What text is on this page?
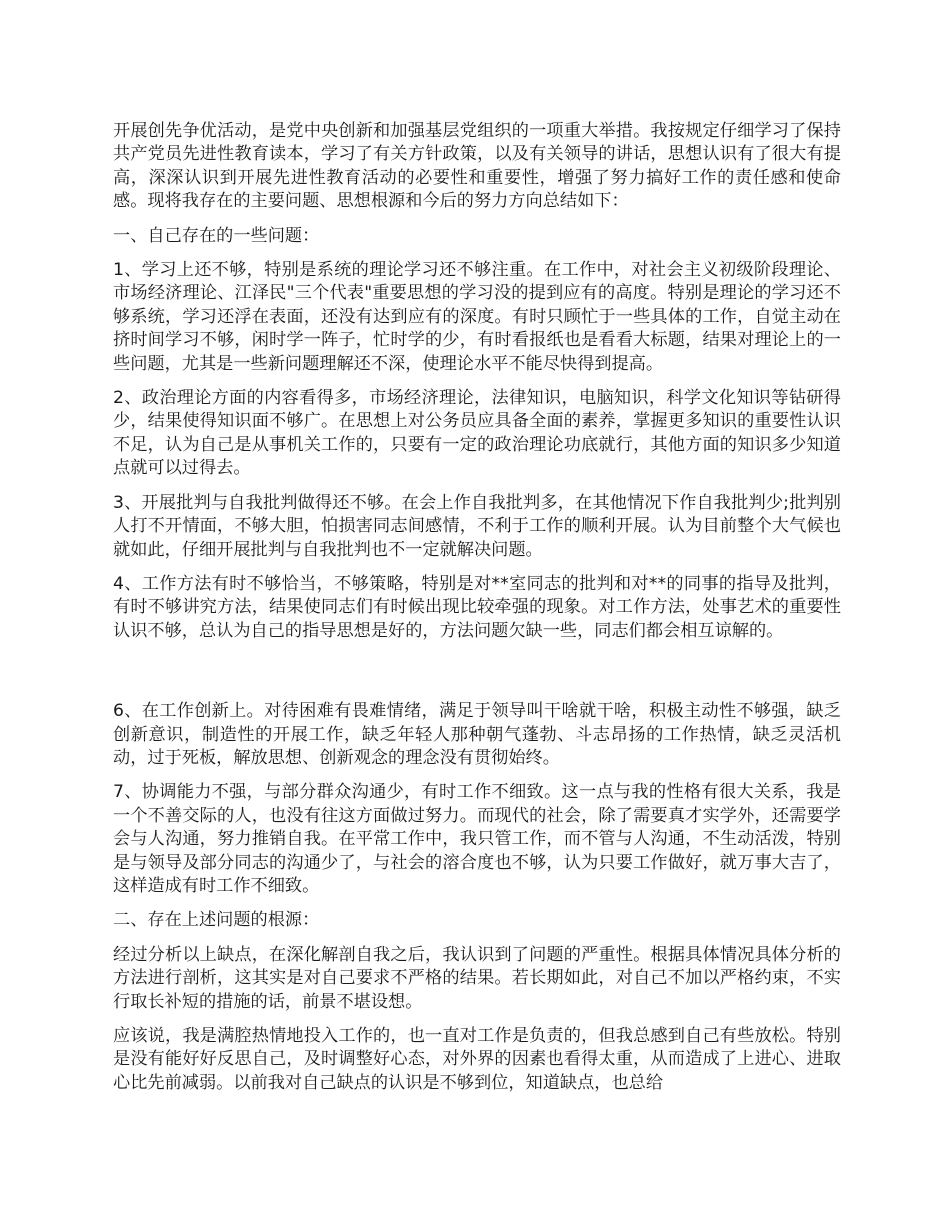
开展创先争优活动，是党中央创新和加强基层党组织的一项重大举措。我按规定仔细学习了保持共产党员先进性教育读本，学习了有关方针政策，以及有关领导的讲话，思想认识有了很大有提高，深深认识到开展先进性教育活动的必要性和重要性，增强了努力搞好工作的责任感和使命感。现将我存在的主要问题、思想根源和今后的努力方向总结如下：

一、自己存在的一些问题：

1、学习上还不够，特别是系统的理论学习还不够注重。在工作中，对社会主义初级阶段理论、市场经济理论、江泽民"三个代表"重要思想的学习没的提到应有的高度。特别是理论的学习还不够系统，学习还浮在表面，还没有达到应有的深度。有时只顾忙于一些具体的工作，自觉主动在挤时间学习不够，闲时学一阵子，忙时学的少，有时看报纸也是看看大标题，结果对理论上的一些问题，尤其是一些新问题理解还不深，使理论水平不能尽快得到提高。

2、政治理论方面的内容看得多，市场经济理论，法律知识，电脑知识，科学文化知识等钻研得少，结果使得知识面不够广。在思想上对公务员应具备全面的素养，掌握更多知识的重要性认识不足，认为自己是从事机关工作的，只要有一定的政治理论功底就行，其他方面的知识多少知道点就可以过得去。

3、开展批判与自我批判做得还不够。在会上作自我批判多，在其他情况下作自我批判少;批判别人打不开情面，不够大胆，怕损害同志间感情，不利于工作的顺利开展。认为目前整个大气候也就如此，仔细开展批判与自我批判也不一定就解决问题。

4、工作方法有时不够恰当，不够策略，特别是对**室同志的批判和对**的同事的指导及批判，有时不够讲究方法，结果使同志们有时候出现比较牵强的现象。对工作方法，处事艺术的重要性认识不够，总认为自己的指导思想是好的，方法问题欠缺一些，同志们都会相互谅解的。

6、在工作创新上。对待困难有畏难情绪，满足于领导叫干啥就干啥，积极主动性不够强，缺乏创新意识，制造性的开展工作，缺乏年轻人那种朝气蓬勃、斗志昂扬的工作热情，缺乏灵活机动，过于死板，解放思想、创新观念的理念没有贯彻始终。

7、协调能力不强，与部分群众沟通少，有时工作不细致。这一点与我的性格有很大关系，我是一个不善交际的人，也没有往这方面做过努力。而现代的社会，除了需要真才实学外，还需要学会与人沟通，努力推销自我。在平常工作中，我只管工作，而不管与人沟通，不生动活泼，特别是与领导及部分同志的沟通少了，与社会的溶合度也不够，认为只要工作做好，就万事大吉了，这样造成有时工作不细致。

二、存在上述问题的根源：

经过分析以上缺点，在深化解剖自我之后，我认识到了问题的严重性。根据具体情况具体分析的方法进行剖析，这其实是对自己要求不严格的结果。若长期如此，对自己不加以严格约束，不实行取长补短的措施的话，前景不堪设想。

应该说，我是满腔热情地投入工作的，也一直对工作是负责的，但我总感到自己有些放松。特别是没有能好好反思自己，及时调整好心态，对外界的因素也看得太重，从而造成了上进心、进取心比先前减弱。以前我对自己缺点的认识是不够到位，知道缺点，也总给
